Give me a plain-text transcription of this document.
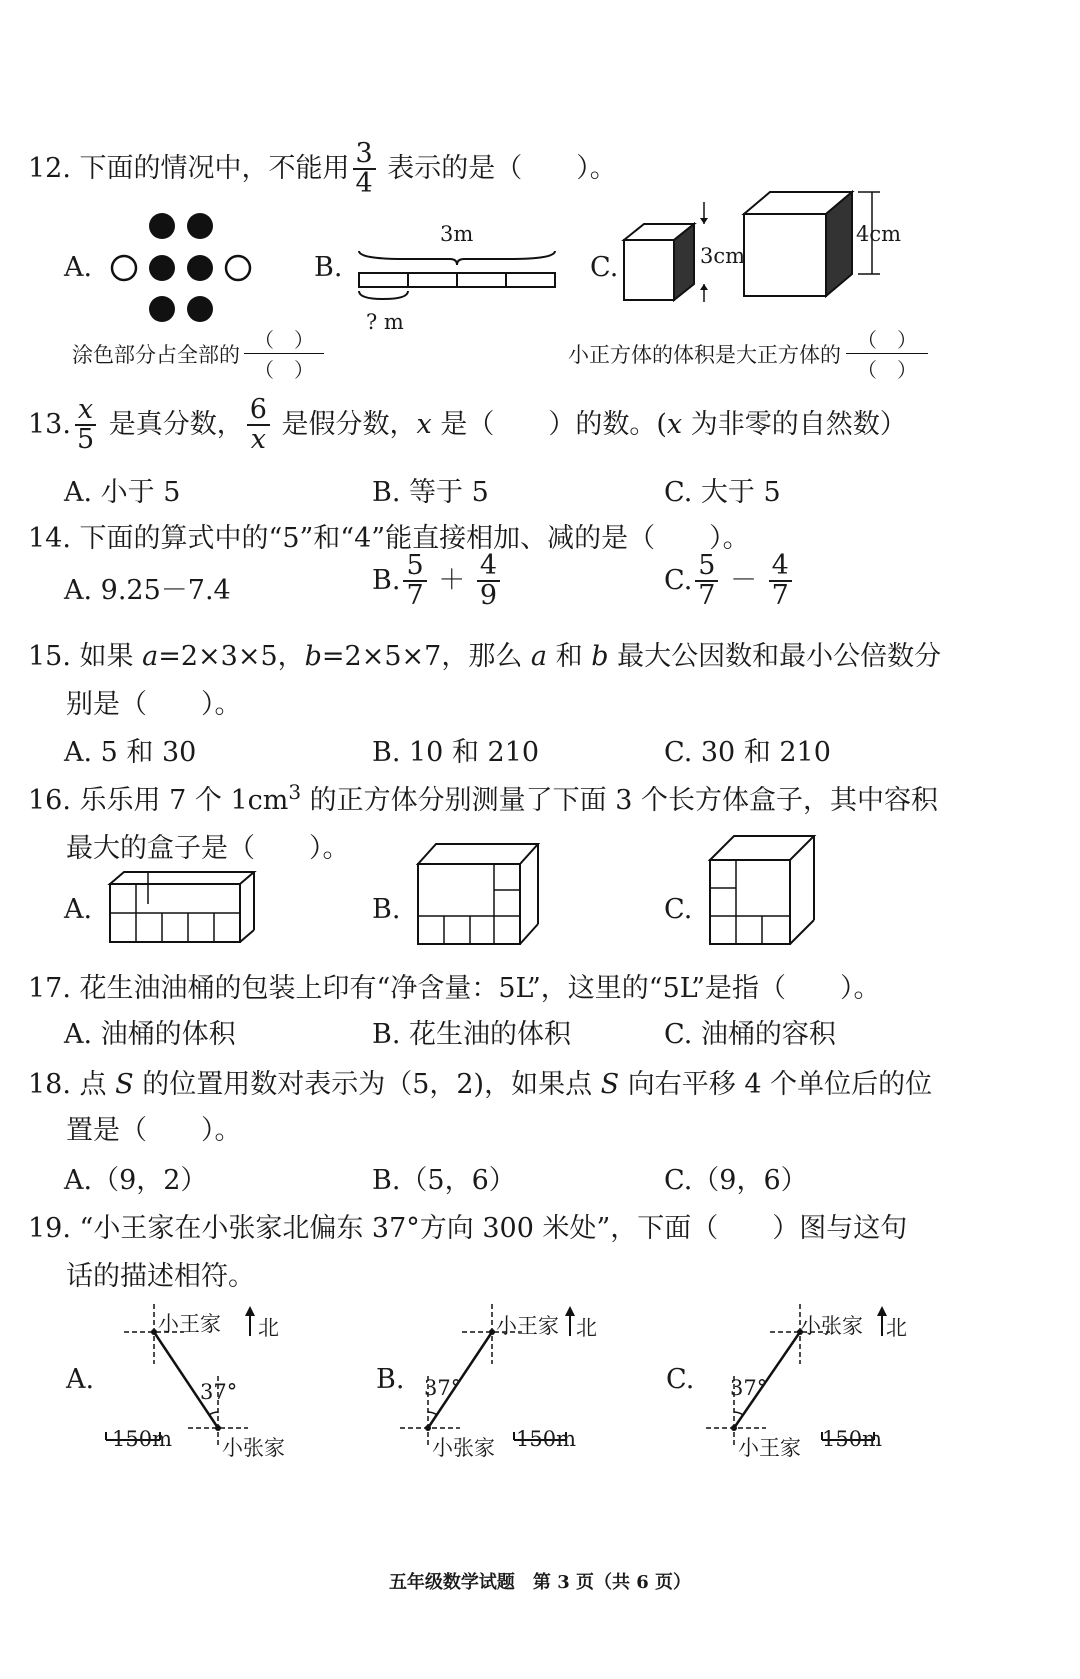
12. 下面的情况中，不能用 $\frac{3}{4}$ 表示的是（　　）。
A.	B.
3m
? m
C.	3cm
4cm
涂色部分占全部的
（　）
（　）
小正方体的体积是大正方体的
（　）
（　）
13. $\frac{x}{5}$ 是真分数， $\frac{6}{x}$ 是假分数，x 是（　　）的数。(x 为非零的自然数）
A. 小于 5	B. 等于 5	C. 大于 5
14. 下面的算式中的“5”和“4”能直接相加、减的是（　　）。
A. 9.25－7.4	B. $\frac{5}{7} + \frac{4}{9}$	C. $\frac{5}{7} - \frac{4}{7}$
15. 如果 a=2×3×5，b=2×5×7，那么 a 和 b 最大公因数和最小公倍数分
别是（　　）。
A. 5 和 30	B. 10 和 210	C. 30 和 210
16. 乐乐用 7 个 $1cm^3$ 的正方体分别测量了下面 3 个长方体盒子，其中容积
最大的盒子是（　　）。
A.	B.	C.
17. 花生油油桶的包装上印有“净含量：5L”，这里的“5L”是指（　　）。
A. 油桶的体积	B. 花生油的体积	C. 油桶的容积
18. 点 S 的位置用数对表示为（5，2)，如果点 S 向右平移 4 个单位后的位
置是（　　）。
A.（9，2）	B.（5，6）	C.（9，6）
19. “小王家在小张家北偏东 37°方向 300 米处”，下面（　　）图与这句
话的描述相符。
A.
小王家 北
37°
小张家
150m
B.
小王家 北
37°
小张家 150m
C.
小张家 北
37°
小王家 150m
五年级数学试题　第 3 页（共 6 页）
